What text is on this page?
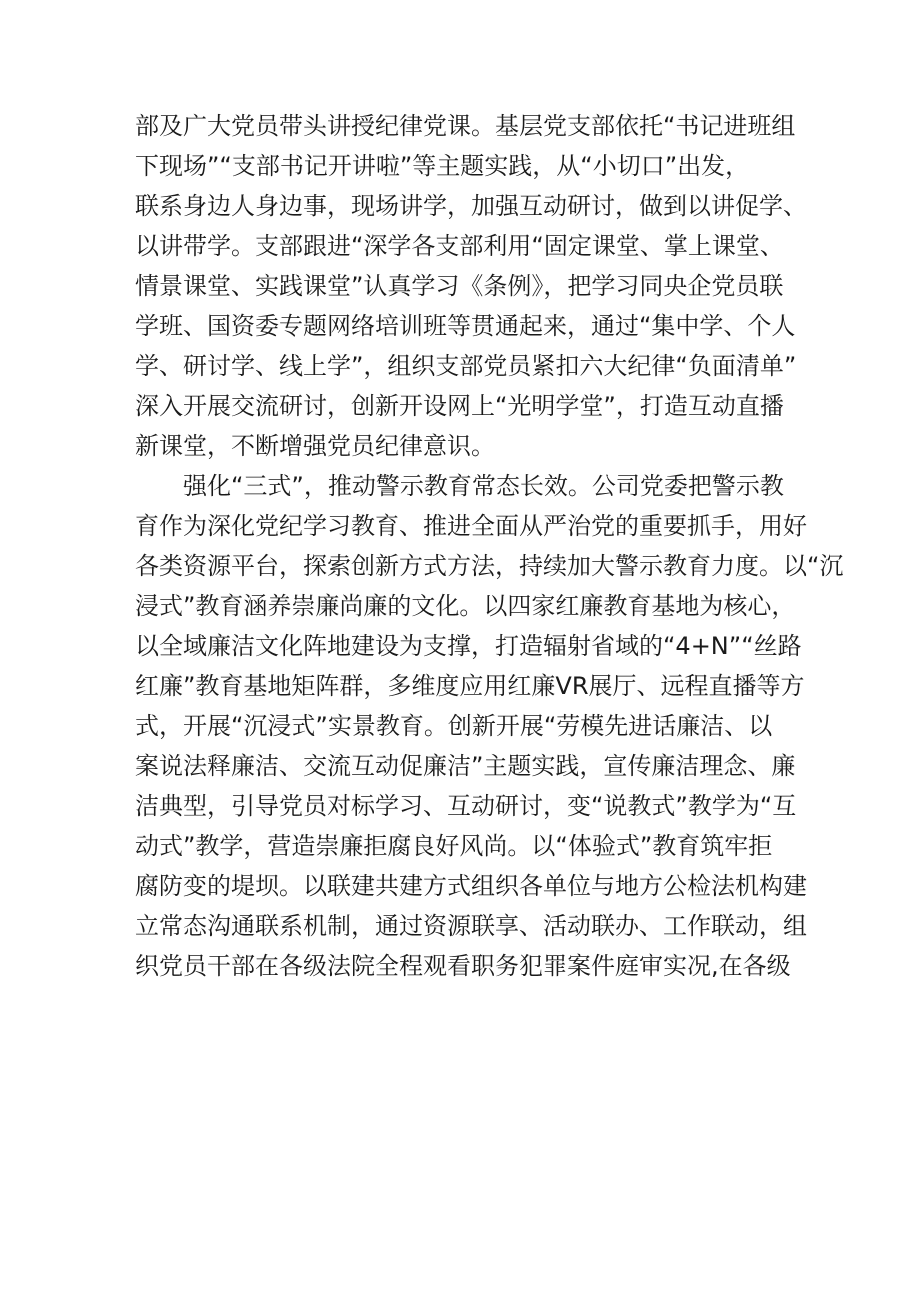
部及广大党员带头讲授纪律党课。基层党支部依托“书记进班组
下现场”“支部书记开讲啦”等主题实践，从“小切口”出发，
联系身边人身边事，现场讲学，加强互动研讨，做到以讲促学、
以讲带学。支部跟进“深学各支部利用“固定课堂、掌上课堂、
情景课堂、实践课堂”认真学习《条例》，把学习同央企党员联
学班、国资委专题网络培训班等贯通起来，通过“集中学、个人
学、研讨学、线上学”，组织支部党员紧扣六大纪律“负面清单”
深入开展交流研讨，创新开设网上“光明学堂”，打造互动直播
新课堂，不断增强党员纪律意识。
强化“三式”，推动警示教育常态长效。公司党委把警示教
育作为深化党纪学习教育、推进全面从严治党的重要抓手，用好
各类资源平台，探索创新方式方法，持续加大警示教育力度。以“沉
浸式”教育涵养崇廉尚廉的文化。以四家红廉教育基地为核心，
以全域廉洁文化阵地建设为支撑，打造辐射省域的“4+N”“丝路
红廉”教育基地矩阵群，多维度应用红廉VR展厅、远程直播等方
式，开展“沉浸式”实景教育。创新开展“劳模先进话廉洁、以
案说法释廉洁、交流互动促廉洁”主题实践，宣传廉洁理念、廉
洁典型，引导党员对标学习、互动研讨，变“说教式”教学为“互
动式”教学，营造崇廉拒腐良好风尚。以“体验式”教育筑牢拒
腐防变的堤坝。以联建共建方式组织各单位与地方公检法机构建
立常态沟通联系机制，通过资源联享、活动联办、工作联动，组
织党员干部在各级法院全程观看职务犯罪案件庭审实况,在各级
